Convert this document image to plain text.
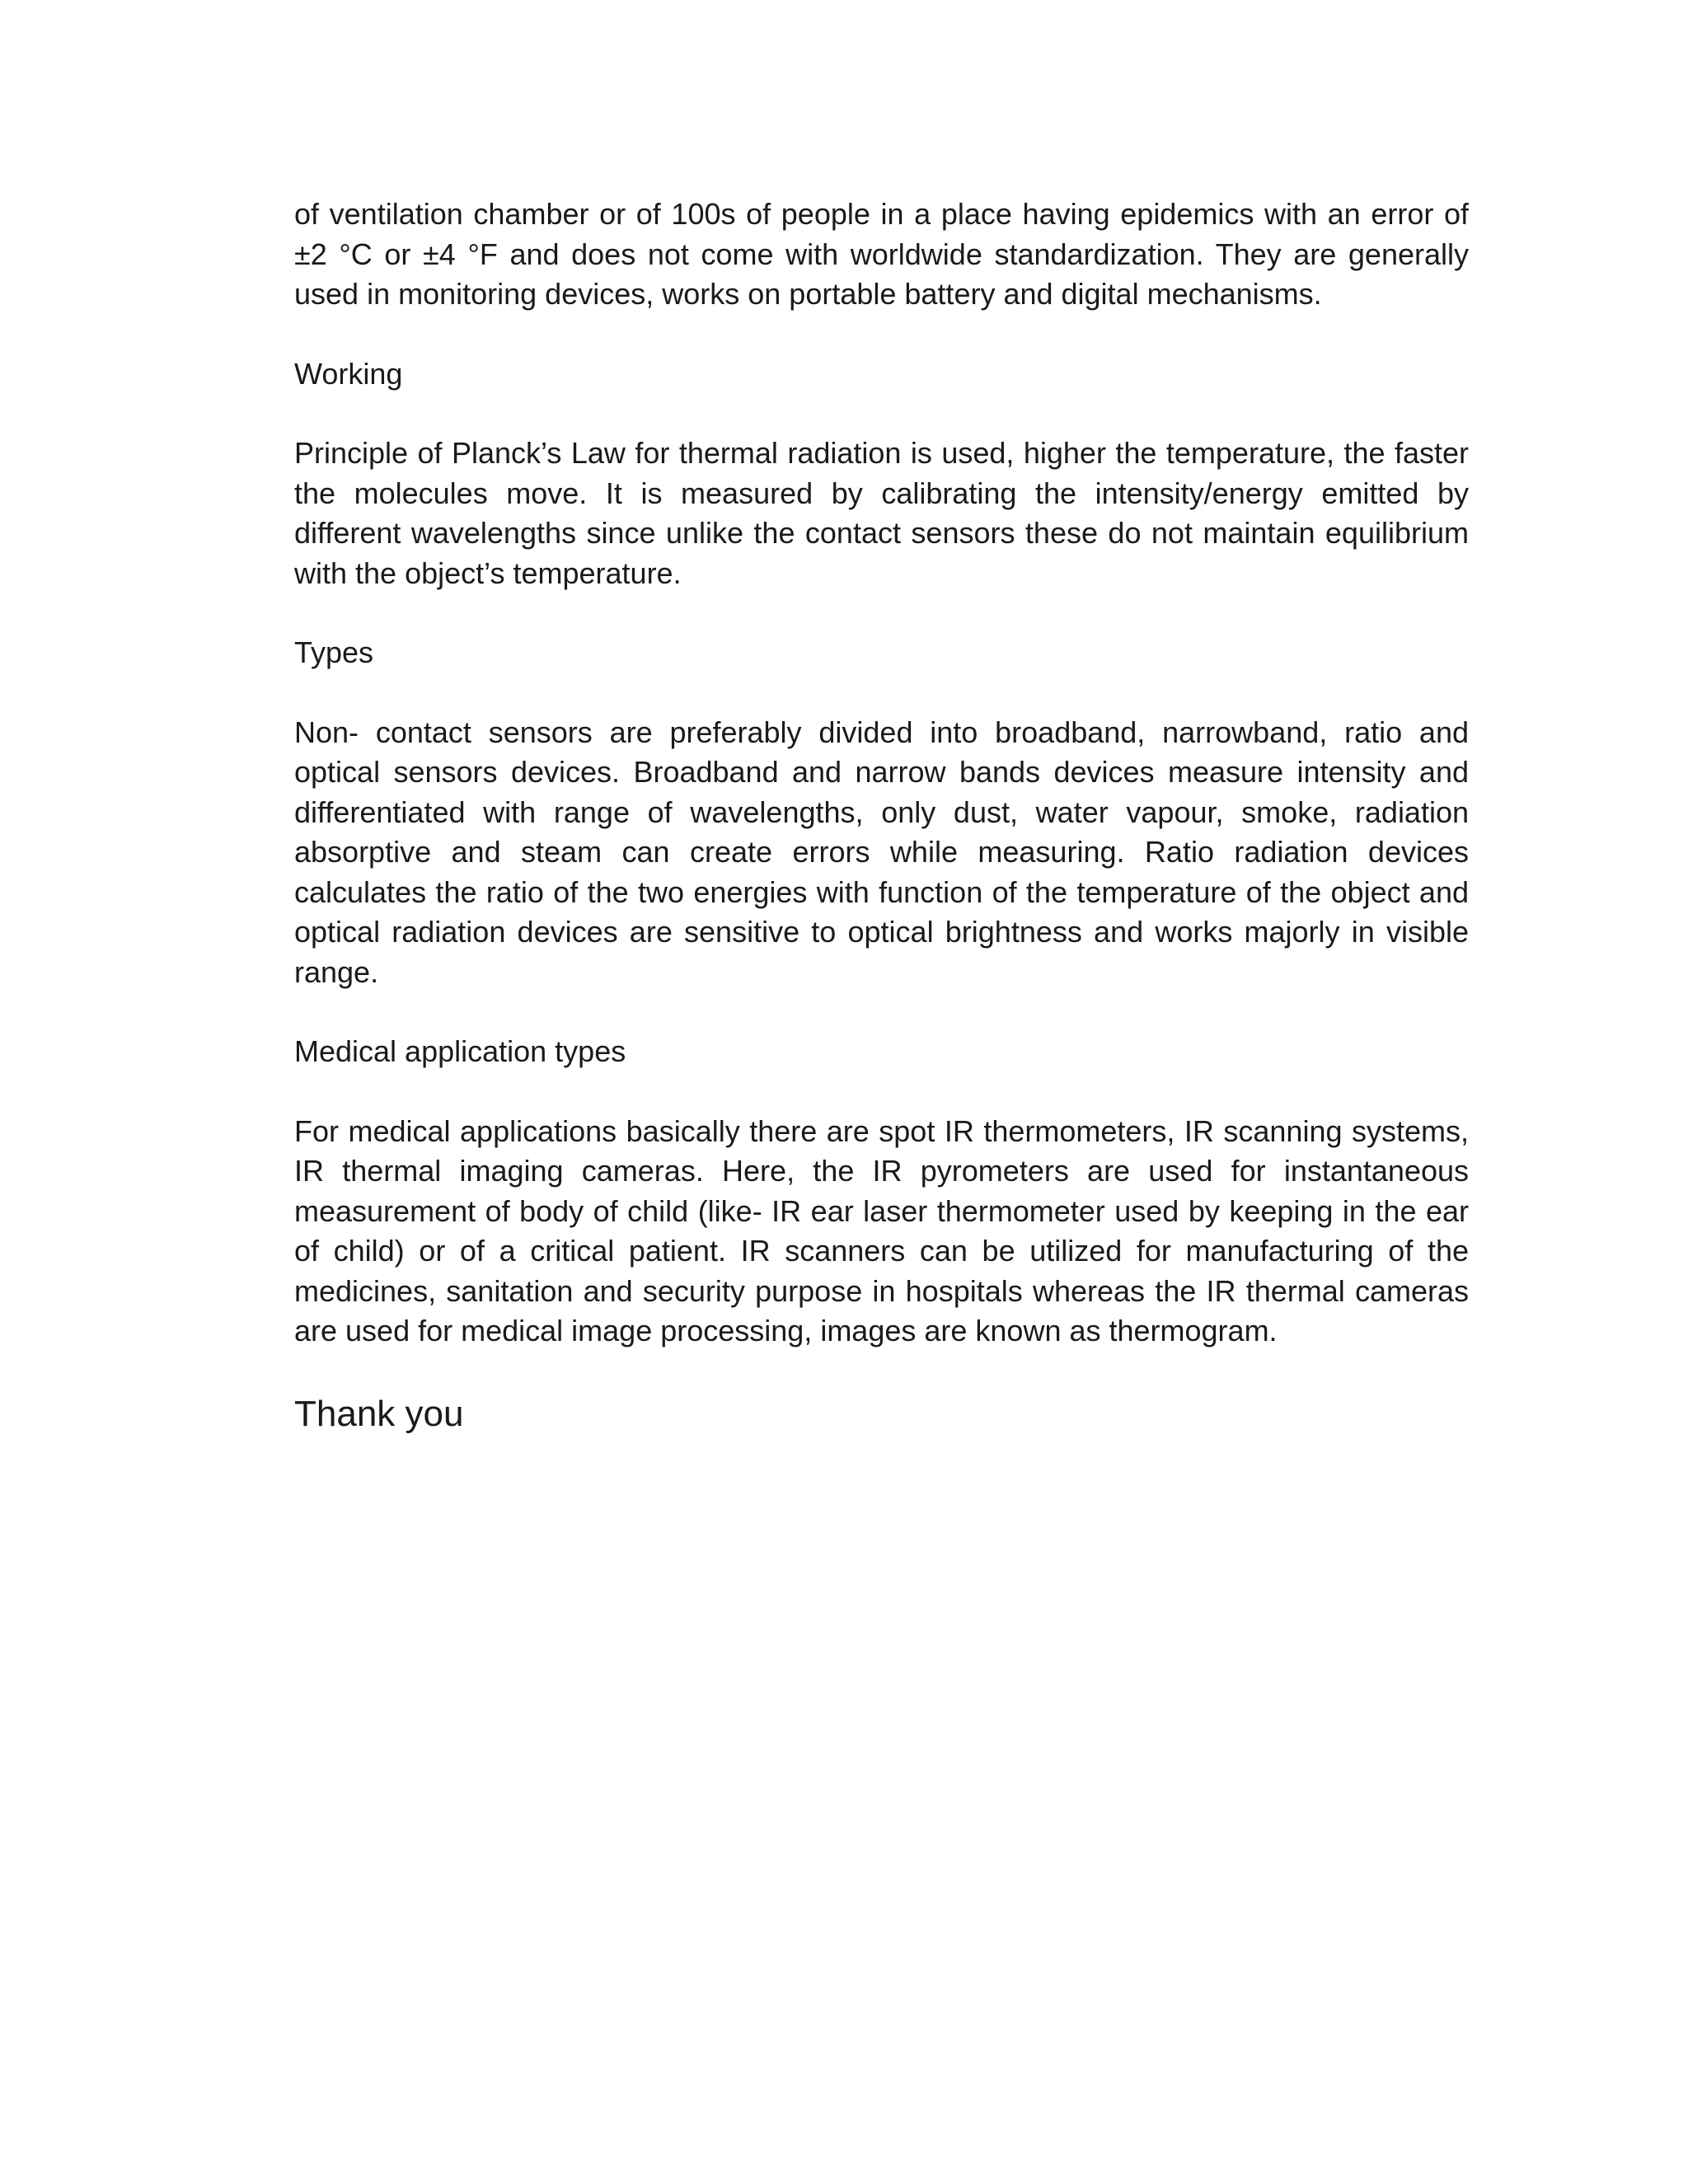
of ventilation chamber or of 100s of people in a place having epidemics with an error of ±2 °C or ±4 °F and does not come with worldwide standardization. They are generally used in monitoring devices, works on portable battery and digital mechanisms.

Working

Principle of Planck’s Law for thermal radiation is used, higher the temperature, the faster the molecules move. It is measured by calibrating the intensity/energy emitted by different wavelengths since unlike the contact sensors these do not maintain equilibrium with the object’s temperature.

Types

Non- contact sensors are preferably divided into broadband, narrowband, ratio and optical sensors devices. Broadband and narrow bands devices measure intensity and differentiated with range of wavelengths, only dust, water vapour, smoke, radiation absorptive and steam can create errors while measuring. Ratio radiation devices calculates the ratio of the two energies with function of the temperature of the object and optical radiation devices are sensitive to optical brightness and works majorly in visible range.

Medical application types

For medical applications basically there are spot IR thermometers, IR scanning systems, IR thermal imaging cameras. Here, the IR pyrometers are used for instantaneous measurement of body of child (like- IR ear laser thermometer used by keeping in the ear of child) or of a critical patient. IR scanners can be utilized for manufacturing of the medicines, sanitation and security purpose in hospitals whereas the IR thermal cameras are used for medical image processing, images are known as thermogram.

Thank you
